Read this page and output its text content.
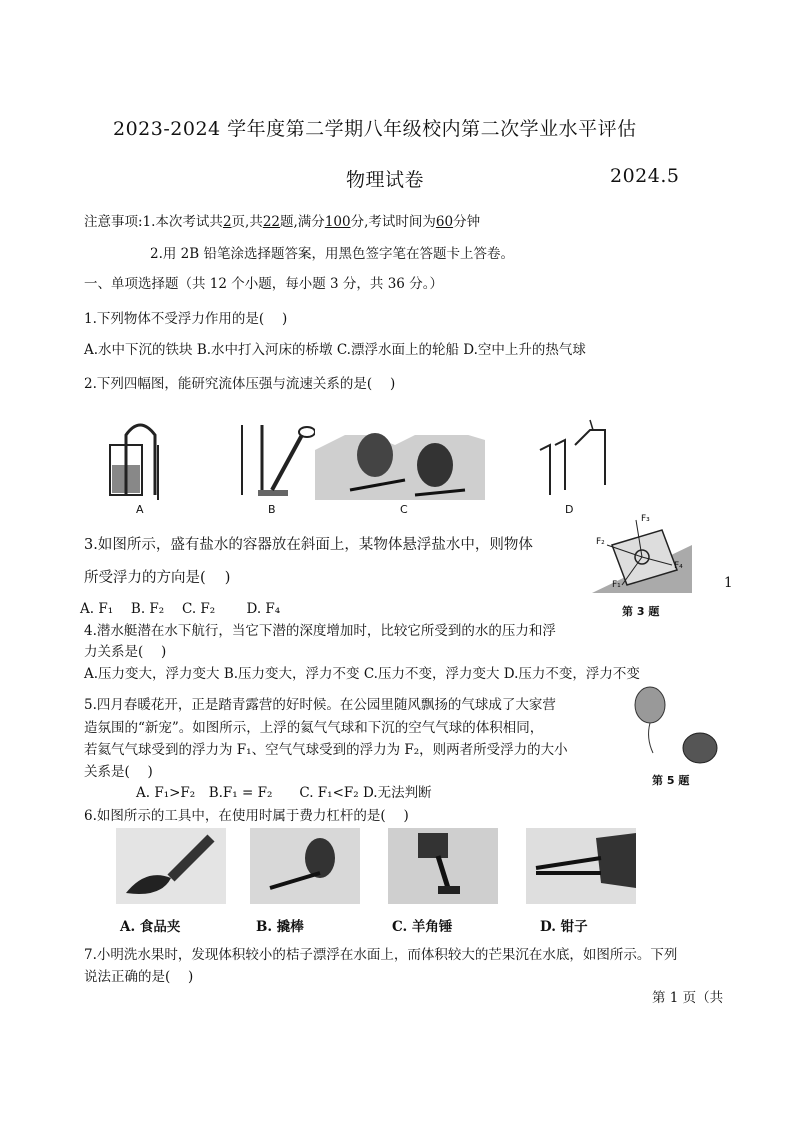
2023-2024 学年度第二学期八年级校内第二次学业水平评估
物理试卷	2024.5
注意事项:1.本次考试共2页,共22题,满分100分,考试时间为60分钟
2.用 2B 铅笔涂选择题答案，用黑色签字笔在答题卡上答卷。
一、单项选择题（共 12 个小题，每小题 3 分，共 36 分。）
1.下列物体不受浮力作用的是(　 )
A.水中下沉的铁块 B.水中打入河床的桥墩 C.漂浮水面上的轮船 D.空中上升的热气球
2.下列四幅图，能研究流体压强与流速关系的是(　 )
A	B	C	D
3.如图所示，盛有盐水的容器放在斜面上，某物体悬浮盐水中，则物体
所受浮力的方向是(　 )
A. F₁　 B. F₂　 C. F₂　　 D. F₄
1
F₃
F₂
F₄
F₁
第 3 题
4.潜水艇潜在水下航行，当它下潜的深度增加时，比较它所受到的水的压力和浮
力关系是(　 )
A.压力变大，浮力变大 B.压力变大，浮力不变 C.压力不变，浮力变大 D.压力不变，浮力不变
5.四月春暖花开，正是踏青露营的好时候。在公园里随风飘扬的气球成了大家营
造氛围的“新宠”。如图所示，上浮的氦气气球和下沉的空气气球的体积相同，
若氦气气球受到的浮力为 F₁、空气气球受到的浮力为 F₂，则两者所受浮力的大小
关系是(　 )
A. F₁>F₂　B.F₁ = F₂　　C. F₁<F₂ D.无法判断
第 5 题
6.如图所示的工具中，在使用时属于费力杠杆的是(　 )
A. 食品夹	B. 撬棒	C. 羊角锤	D. 钳子
7.小明洗水果时，发现体积较小的桔子漂浮在水面上，而体积较大的芒果沉在水底，如图所示。下列
说法正确的是(　 )
第 1 页（共
